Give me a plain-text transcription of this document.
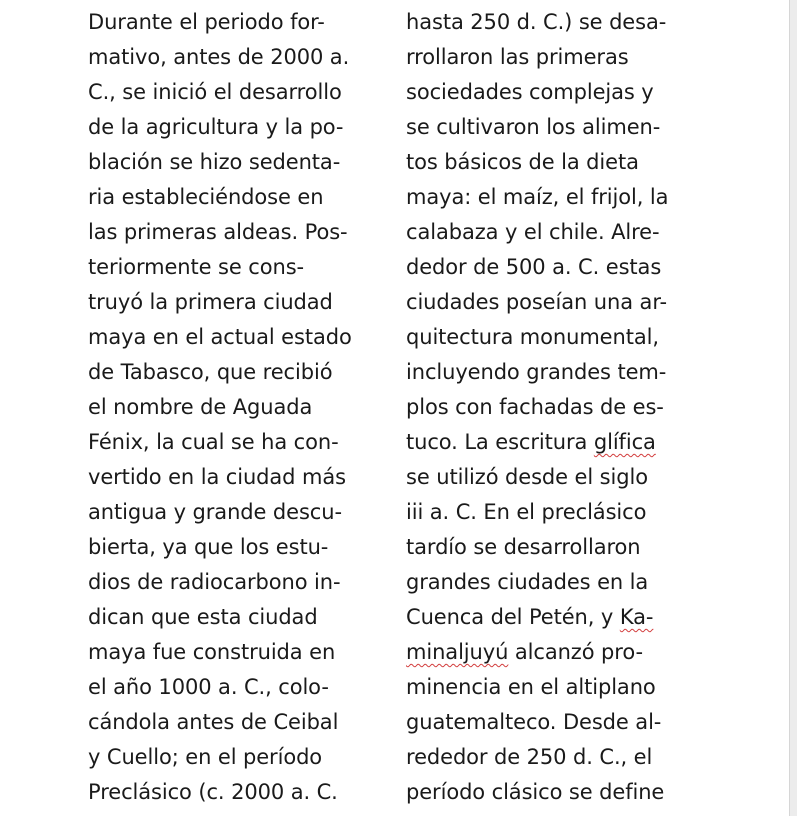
Durante el periodo for-
mativo, antes de 2000 a.
C., se inició el desarrollo
de la agricultura y la po-
blación se hizo sedenta-
ria estableciéndose en
las primeras aldeas. Pos-
teriormente se cons-
truyó la primera ciudad
maya en el actual estado
de Tabasco, que recibió
el nombre de Aguada
Fénix, la cual se ha con-
vertido en la ciudad más
antigua y grande descu-
bierta, ya que los estu-
dios de radiocarbono in-
dican que esta ciudad
maya fue construida en
el año 1000 a. C., colo-
cándola antes de Ceibal
y Cuello; en el período
Preclásico (c. 2000 a. C.
hasta 250 d. C.) se desa-
rrollaron las primeras
sociedades complejas y
se cultivaron los alimen-
tos básicos de la dieta
maya: el maíz, el frijol, la
calabaza y el chile. Alre-
dedor de 500 a. C. estas
ciudades poseían una ar-
quitectura monumental,
incluyendo grandes tem-
plos con fachadas de es-
tuco. La escritura glífica
se utilizó desde el siglo
iii a. C. En el preclásico
tardío se desarrollaron
grandes ciudades en la
Cuenca del Petén, y Ka-
minaljuyú alcanzó pro-
minencia en el altiplano
guatemalteco. Desde al-
rededor de 250 d. C., el
período clásico se define
